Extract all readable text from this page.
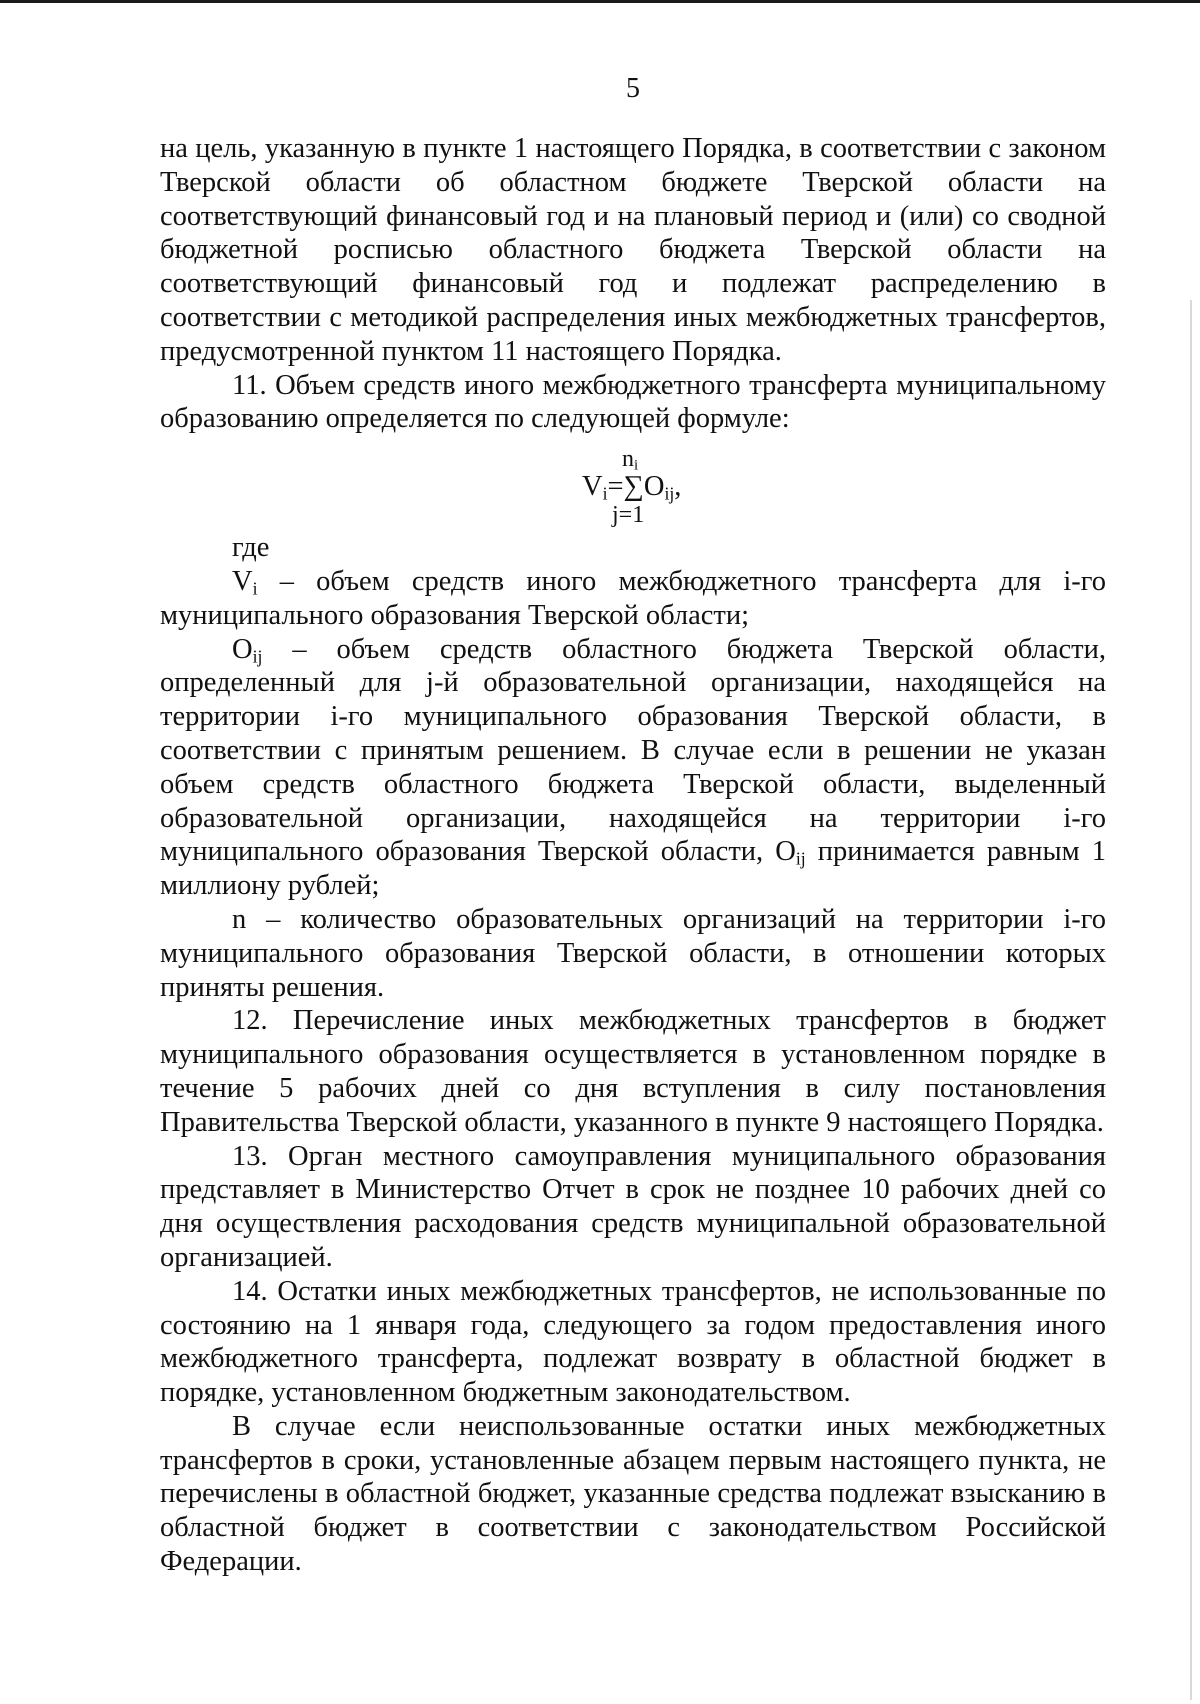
5

на цель, указанную в пункте 1 настоящего Порядка, в соответствии с законом Тверской области об областном бюджете Тверской области на соответствующий финансовый год и на плановый период и (или) со сводной бюджетной росписью областного бюджета Тверской области на соответствующий финансовый год и подлежат распределению в соответствии с методикой распределения иных межбюджетных трансфертов, предусмотренной пунктом 11 настоящего Порядка.

11. Объем средств иного межбюджетного трансферта муниципальному образованию определяется по следующей формуле:

$n_i$
$V_i=\sum O_{ij}$,
j=1

где

$V_i$ – объем средств иного межбюджетного трансферта для i-го муниципального образования Тверской области;

$O_{ij}$ – объем средств областного бюджета Тверской области, определенный для j-й образовательной организации, находящейся на территории i-го муниципального образования Тверской области, в соответствии с принятым решением. В случае если в решении не указан объем средств областного бюджета Тверской области, выделенный образовательной организации, находящейся на территории i-го муниципального образования Тверской области, $O_{ij}$ принимается равным 1 миллиону рублей;

n – количество образовательных организаций на территории i-го муниципального образования Тверской области, в отношении которых приняты решения.

12. Перечисление иных межбюджетных трансфертов в бюджет муниципального образования осуществляется в установленном порядке в течение 5 рабочих дней со дня вступления в силу постановления Правительства Тверской области, указанного в пункте 9 настоящего Порядка.

13. Орган местного самоуправления муниципального образования представляет в Министерство Отчет в срок не позднее 10 рабочих дней со дня осуществления расходования средств муниципальной образовательной организацией.

14. Остатки иных межбюджетных трансфертов, не использованные по состоянию на 1 января года, следующего за годом предоставления иного межбюджетного трансферта, подлежат возврату в областной бюджет в порядке, установленном бюджетным законодательством.

В случае если неиспользованные остатки иных межбюджетных трансфертов в сроки, установленные абзацем первым настоящего пункта, не перечислены в областной бюджет, указанные средства подлежат взысканию в областной бюджет в соответствии с законодательством Российской Федерации.
